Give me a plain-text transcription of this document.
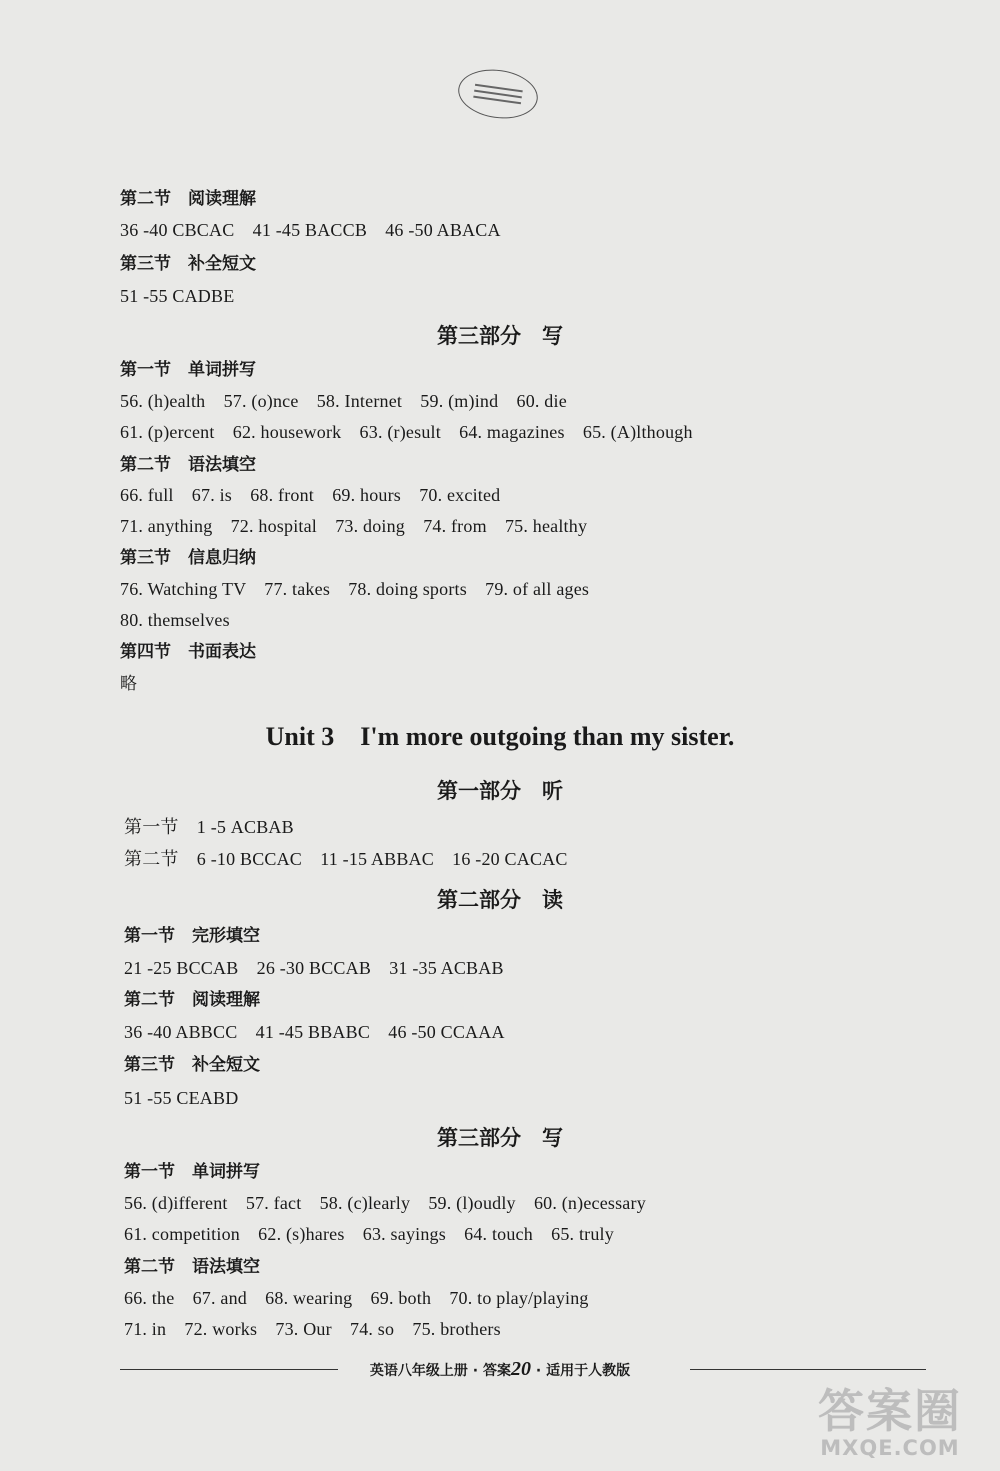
第二节　阅读理解
36 -40 CBCAC　41 -45 BACCB　46 -50 ABACA
第三节　补全短文
51 -55 CADBE
第三部分　写
第一节　单词拼写
56. (h)ealth　57. (o)nce　58. Internet　59. (m)ind　60. die
61. (p)ercent　62. housework　63. (r)esult　64. magazines　65. (A)lthough
第二节　语法填空
66. full　67. is　68. front　69. hours　70. excited
71. anything　72. hospital　73. doing　74. from　75. healthy
第三节　信息归纳
76. Watching TV　77. takes　78. doing sports　79. of all ages
80. themselves
第四节　书面表达
略
Unit 3　I'm more outgoing than my sister.
第一部分　听
第一节　1 -5 ACBAB
第二节　6 -10 BCCAC　11 -15 ABBAC　16 -20 CACAC
第二部分　读
第一节　完形填空
21 -25 BCCAB　26 -30 BCCAB　31 -35 ACBAB
第二节　阅读理解
36 -40 ABBCC　41 -45 BBABC　46 -50 CCAAA
第三节　补全短文
51 -55 CEABD
第三部分　写
第一节　单词拼写
56. (d)ifferent　57. fact　58. (c)learly　59. (l)oudly　60. (n)ecessary
61. competition　62. (s)hares　63. sayings　64. touch　65. truly
第二节　语法填空
66. the　67. and　68. wearing　69. both　70. to play/playing
71. in　72. works　73. Our　74. so　75. brothers
英语八年级上册 · 答案20 · 适用于人教版
答案圈
MXQE.COM
